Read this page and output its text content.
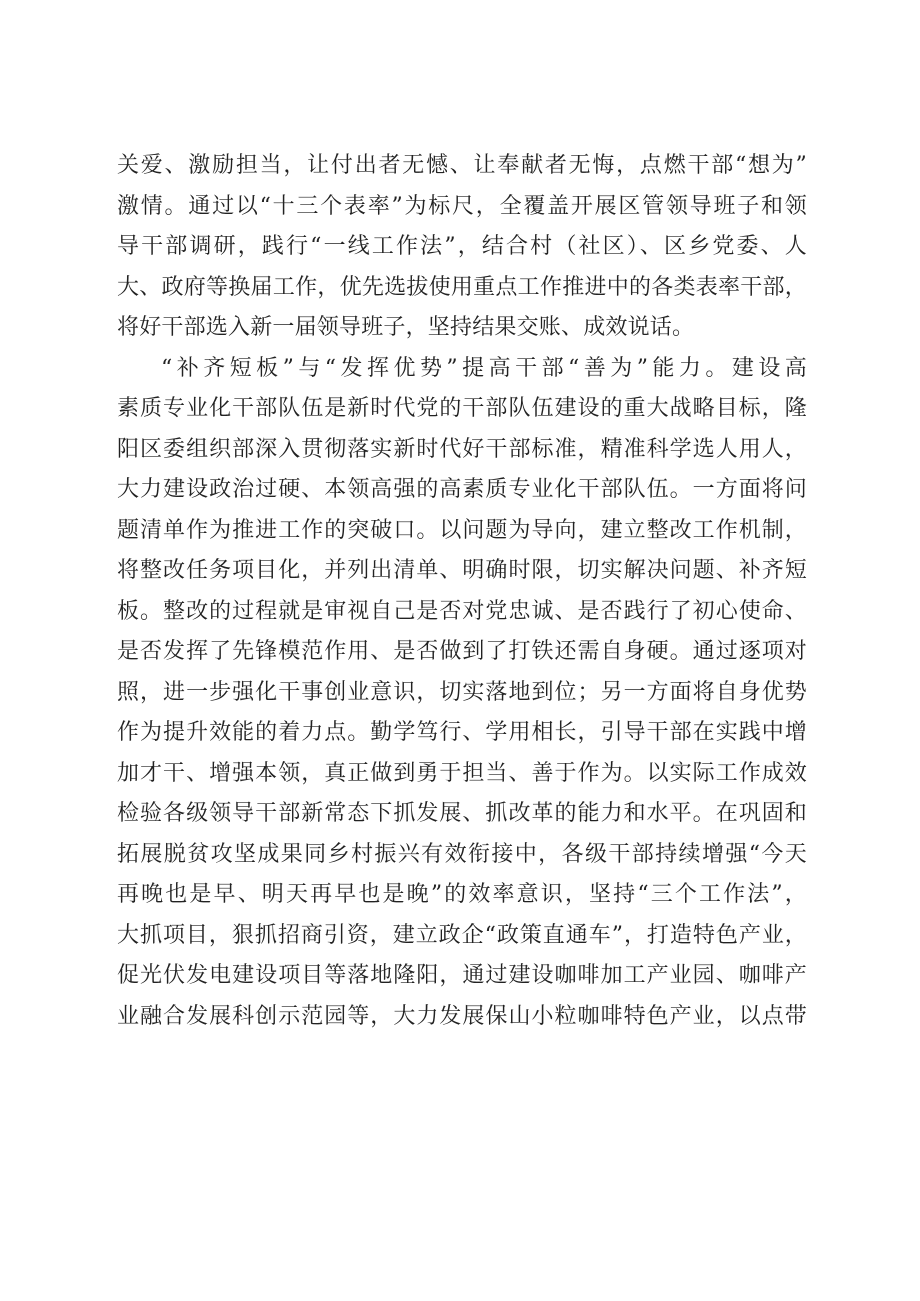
关爱、激励担当，让付出者无憾、让奉献者无悔，点燃干部“想为”
激情。通过以“十三个表率”为标尺，全覆盖开展区管领导班子和领
导干部调研，践行“一线工作法”，结合村（社区）、区乡党委、人
大、政府等换届工作，优先选拔使用重点工作推进中的各类表率干部，
将好干部选入新一届领导班子，坚持结果交账、成效说话。
“补齐短板”与“发挥优势”提高干部“善为”能力。建设高
素质专业化干部队伍是新时代党的干部队伍建设的重大战略目标，隆
阳区委组织部深入贯彻落实新时代好干部标准，精准科学选人用人，
大力建设政治过硬、本领高强的高素质专业化干部队伍。一方面将问
题清单作为推进工作的突破口。以问题为导向，建立整改工作机制，
将整改任务项目化，并列出清单、明确时限，切实解决问题、补齐短
板。整改的过程就是审视自己是否对党忠诚、是否践行了初心使命、
是否发挥了先锋模范作用、是否做到了打铁还需自身硬。通过逐项对
照，进一步强化干事创业意识，切实落地到位；另一方面将自身优势
作为提升效能的着力点。勤学笃行、学用相长，引导干部在实践中增
加才干、增强本领，真正做到勇于担当、善于作为。以实际工作成效
检验各级领导干部新常态下抓发展、抓改革的能力和水平。在巩固和
拓展脱贫攻坚成果同乡村振兴有效衔接中，各级干部持续增强“今天
再晚也是早、明天再早也是晚”的效率意识，坚持“三个工作法”，
大抓项目，狠抓招商引资，建立政企“政策直通车”，打造特色产业，
促光伏发电建设项目等落地隆阳，通过建设咖啡加工产业园、咖啡产
业融合发展科创示范园等，大力发展保山小粒咖啡特色产业，以点带
